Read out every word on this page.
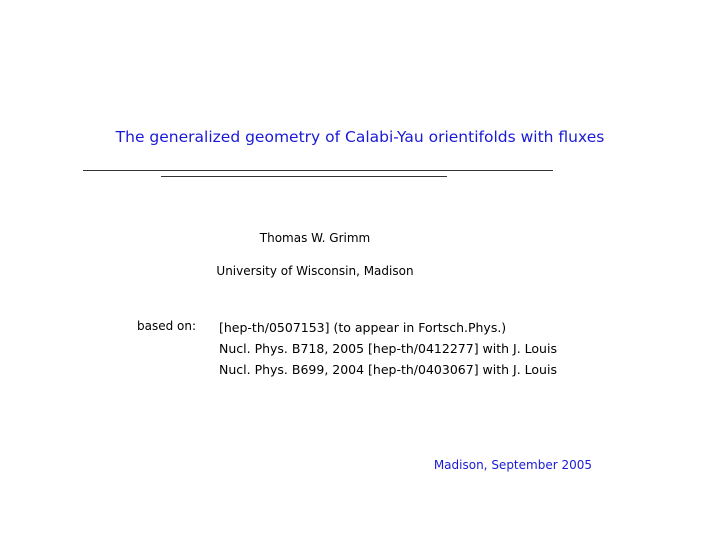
The generalized geometry of Calabi-Yau orientifolds with fluxes
Thomas W. Grimm
University of Wisconsin, Madison
based on: [hep-th/0507153] (to appear in Fortsch.Phys.)
Nucl. Phys. B718, 2005 [hep-th/0412277] with J. Louis
Nucl. Phys. B699, 2004 [hep-th/0403067] with J. Louis
Madison, September 2005
